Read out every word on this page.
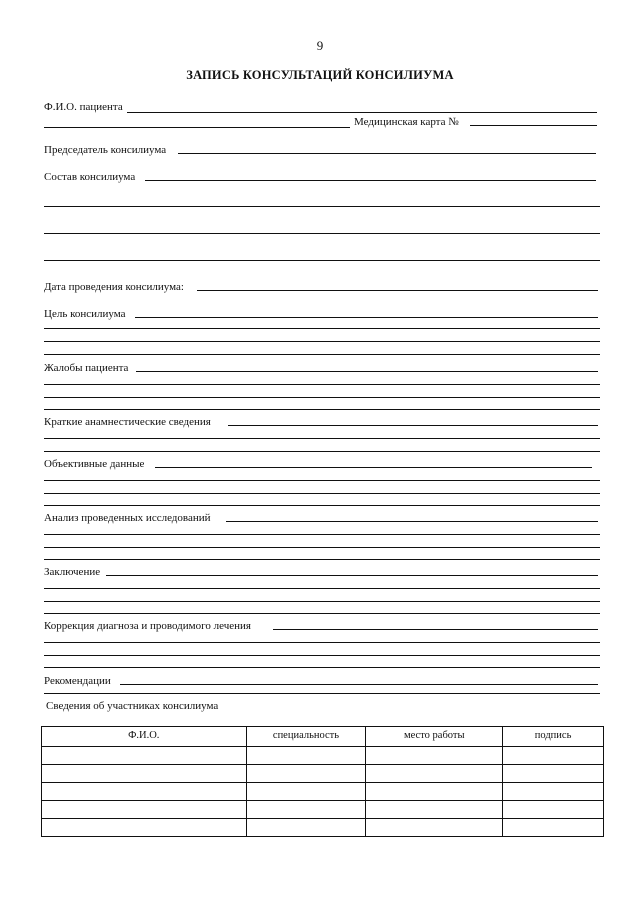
9
ЗАПИСЬ КОНСУЛЬТАЦИЙ КОНСИЛИУМА
Ф.И.О. пациента
Медицинская карта №
Председатель консилиума
Состав консилиума
Дата проведения консилиума:
Цель консилиума
Жалобы пациента
Краткие анамнестические сведения
Объективные данные
Анализ проведенных исследований
Заключение
Коррекция диагноза и проводимого лечения
Рекомендации
Сведения об участниках консилиума
Ф.И.О.	специальность	место работы	подпись
